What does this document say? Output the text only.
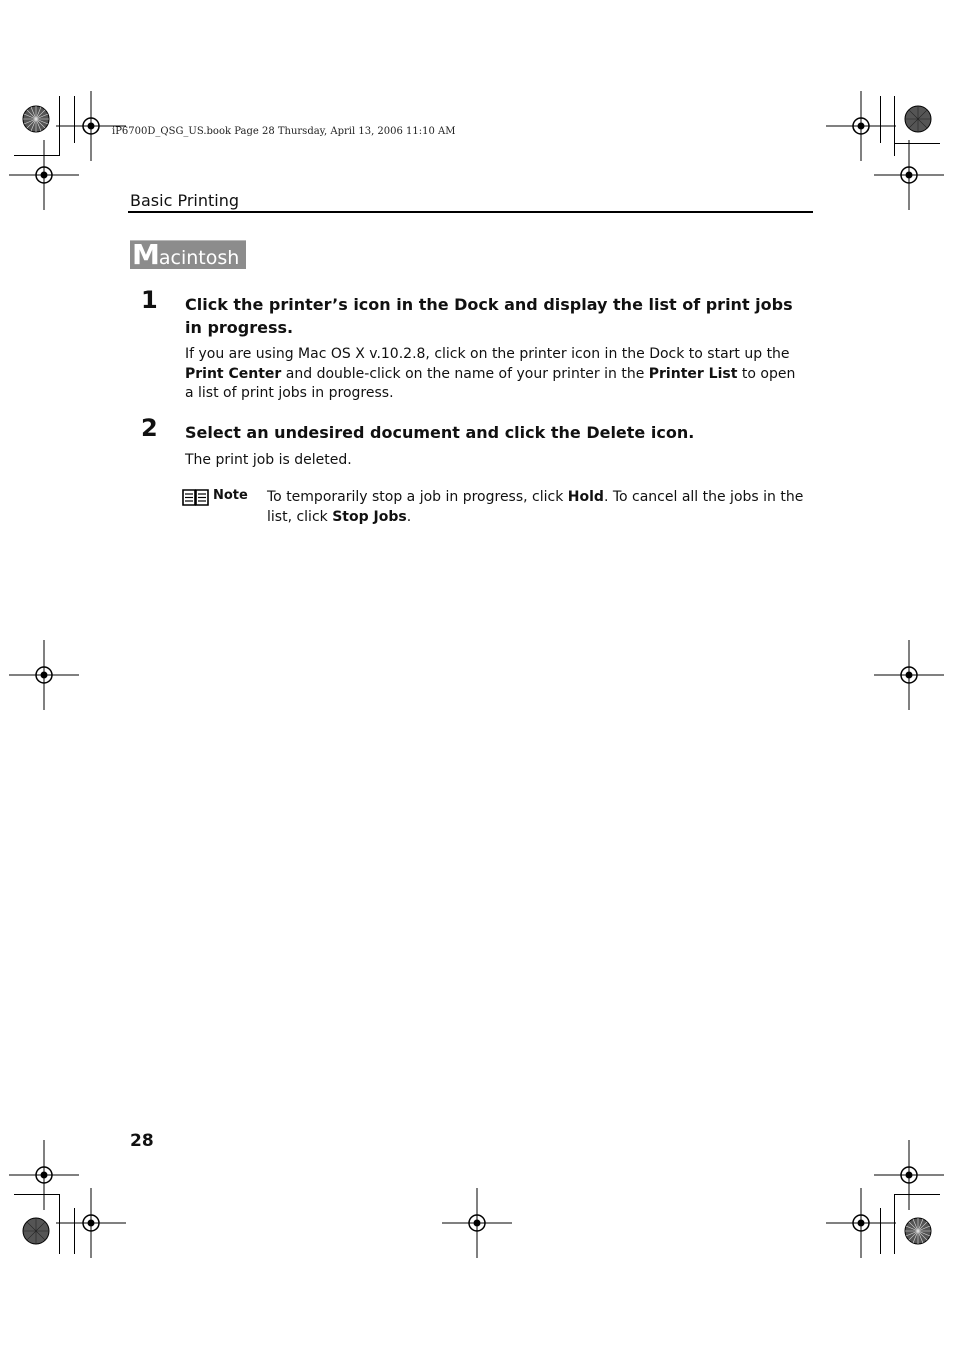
iP6700D_QSG_US.book Page 28 Thursday, April 13, 2006 11:10 AM
Basic Printing
Macintosh
1 Click the printer’s icon in the Dock and display the list of print jobs in progress.
If you are using Mac OS X v.10.2.8, click on the printer icon in the Dock to start up the Print Center and double-click on the name of your printer in the Printer List to open a list of print jobs in progress.
2 Select an undesired document and click the Delete icon.
The print job is deleted.
Note To temporarily stop a job in progress, click Hold. To cancel all the jobs in the list, click Stop Jobs.
28
